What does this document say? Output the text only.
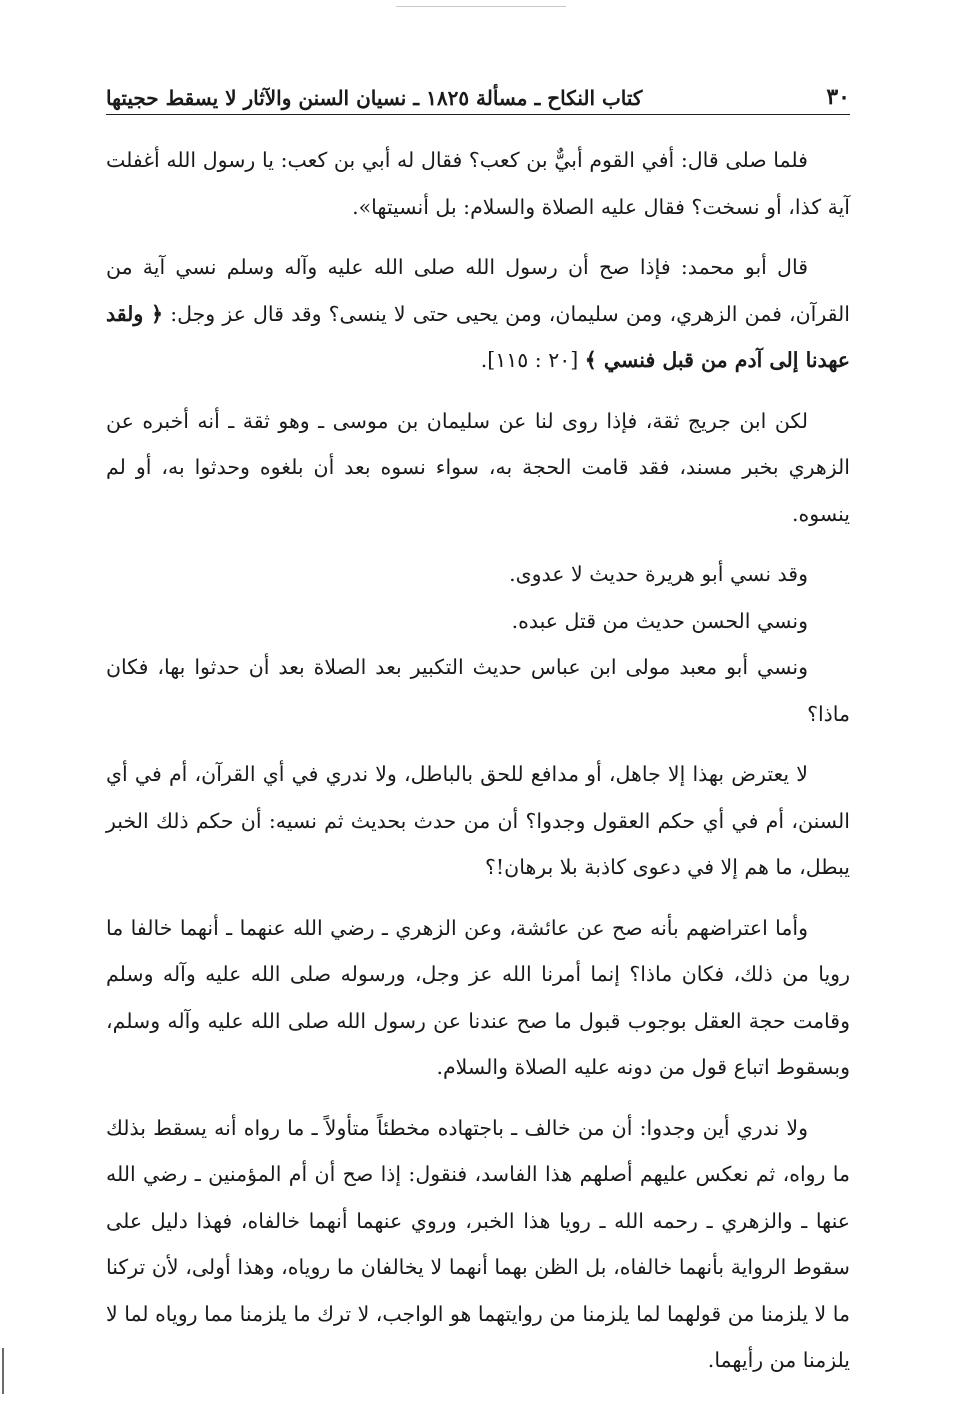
٣٠
كتاب النكاح ـ مسألة ١٨٢٥ ـ نسيان السنن والآثار لا يسقط حجيتها

فلما صلى قال: أفي القوم أبيٌّ بن كعب؟ فقال له أبي بن كعب: يا رسول الله أغفلت آية كذا، أو نسخت؟ فقال عليه الصلاة والسلام: بل أنسيتها».

قال أبو محمد: فإذا صح أن رسول الله صلى الله عليه وآله وسلم نسي آية من القرآن، فمن الزهري، ومن سليمان، ومن يحيى حتى لا ينسى؟ وقد قال عز وجل: ﴿ ولقد عهدنا إلى آدم من قبل فنسي ﴾ [٢٠ : ١١٥].

لكن ابن جريج ثقة، فإذا روى لنا عن سليمان بن موسى ـ وهو ثقة ـ أنه أخبره عن الزهري بخبر مسند، فقد قامت الحجة به، سواء نسوه بعد أن بلغوه وحدثوا به، أو لم ينسوه.

وقد نسي أبو هريرة حديث لا عدوى.

ونسي الحسن حديث من قتل عبده.

ونسي أبو معبد مولى ابن عباس حديث التكبير بعد الصلاة بعد أن حدثوا بها، فكان ماذا؟

لا يعترض بهذا إلا جاهل، أو مدافع للحق بالباطل، ولا ندري في أي القرآن، أم في أي السنن، أم في أي حكم العقول وجدوا؟ أن من حدث بحديث ثم نسيه: أن حكم ذلك الخبر يبطل، ما هم إلا في دعوى كاذبة بلا برهان!؟

وأما اعتراضهم بأنه صح عن عائشة، وعن الزهري ـ رضي الله عنهما ـ أنهما خالفا ما رويا من ذلك، فكان ماذا؟ إنما أمرنا الله عز وجل، ورسوله صلى الله عليه وآله وسلم وقامت حجة العقل بوجوب قبول ما صح عندنا عن رسول الله صلى الله عليه وآله وسلم، وبسقوط اتباع قول من دونه عليه الصلاة والسلام.

ولا ندري أين وجدوا: أن من خالف ـ باجتهاده مخطئاً متأولاً ـ ما رواه أنه يسقط بذلك ما رواه، ثم نعكس عليهم أصلهم هذا الفاسد، فنقول: إذا صح أن أم المؤمنين ـ رضي الله عنها ـ والزهري ـ رحمه الله ـ رويا هذا الخبر، وروي عنهما أنهما خالفاه، فهذا دليل على سقوط الرواية بأنهما خالفاه، بل الظن بهما أنهما لا يخالفان ما روياه، وهذا أولى، لأن تركنا ما لا يلزمنا من قولهما لما يلزمنا من روايتهما هو الواجب، لا ترك ما يلزمنا مما روياه لما لا يلزمنا من رأيهما.
